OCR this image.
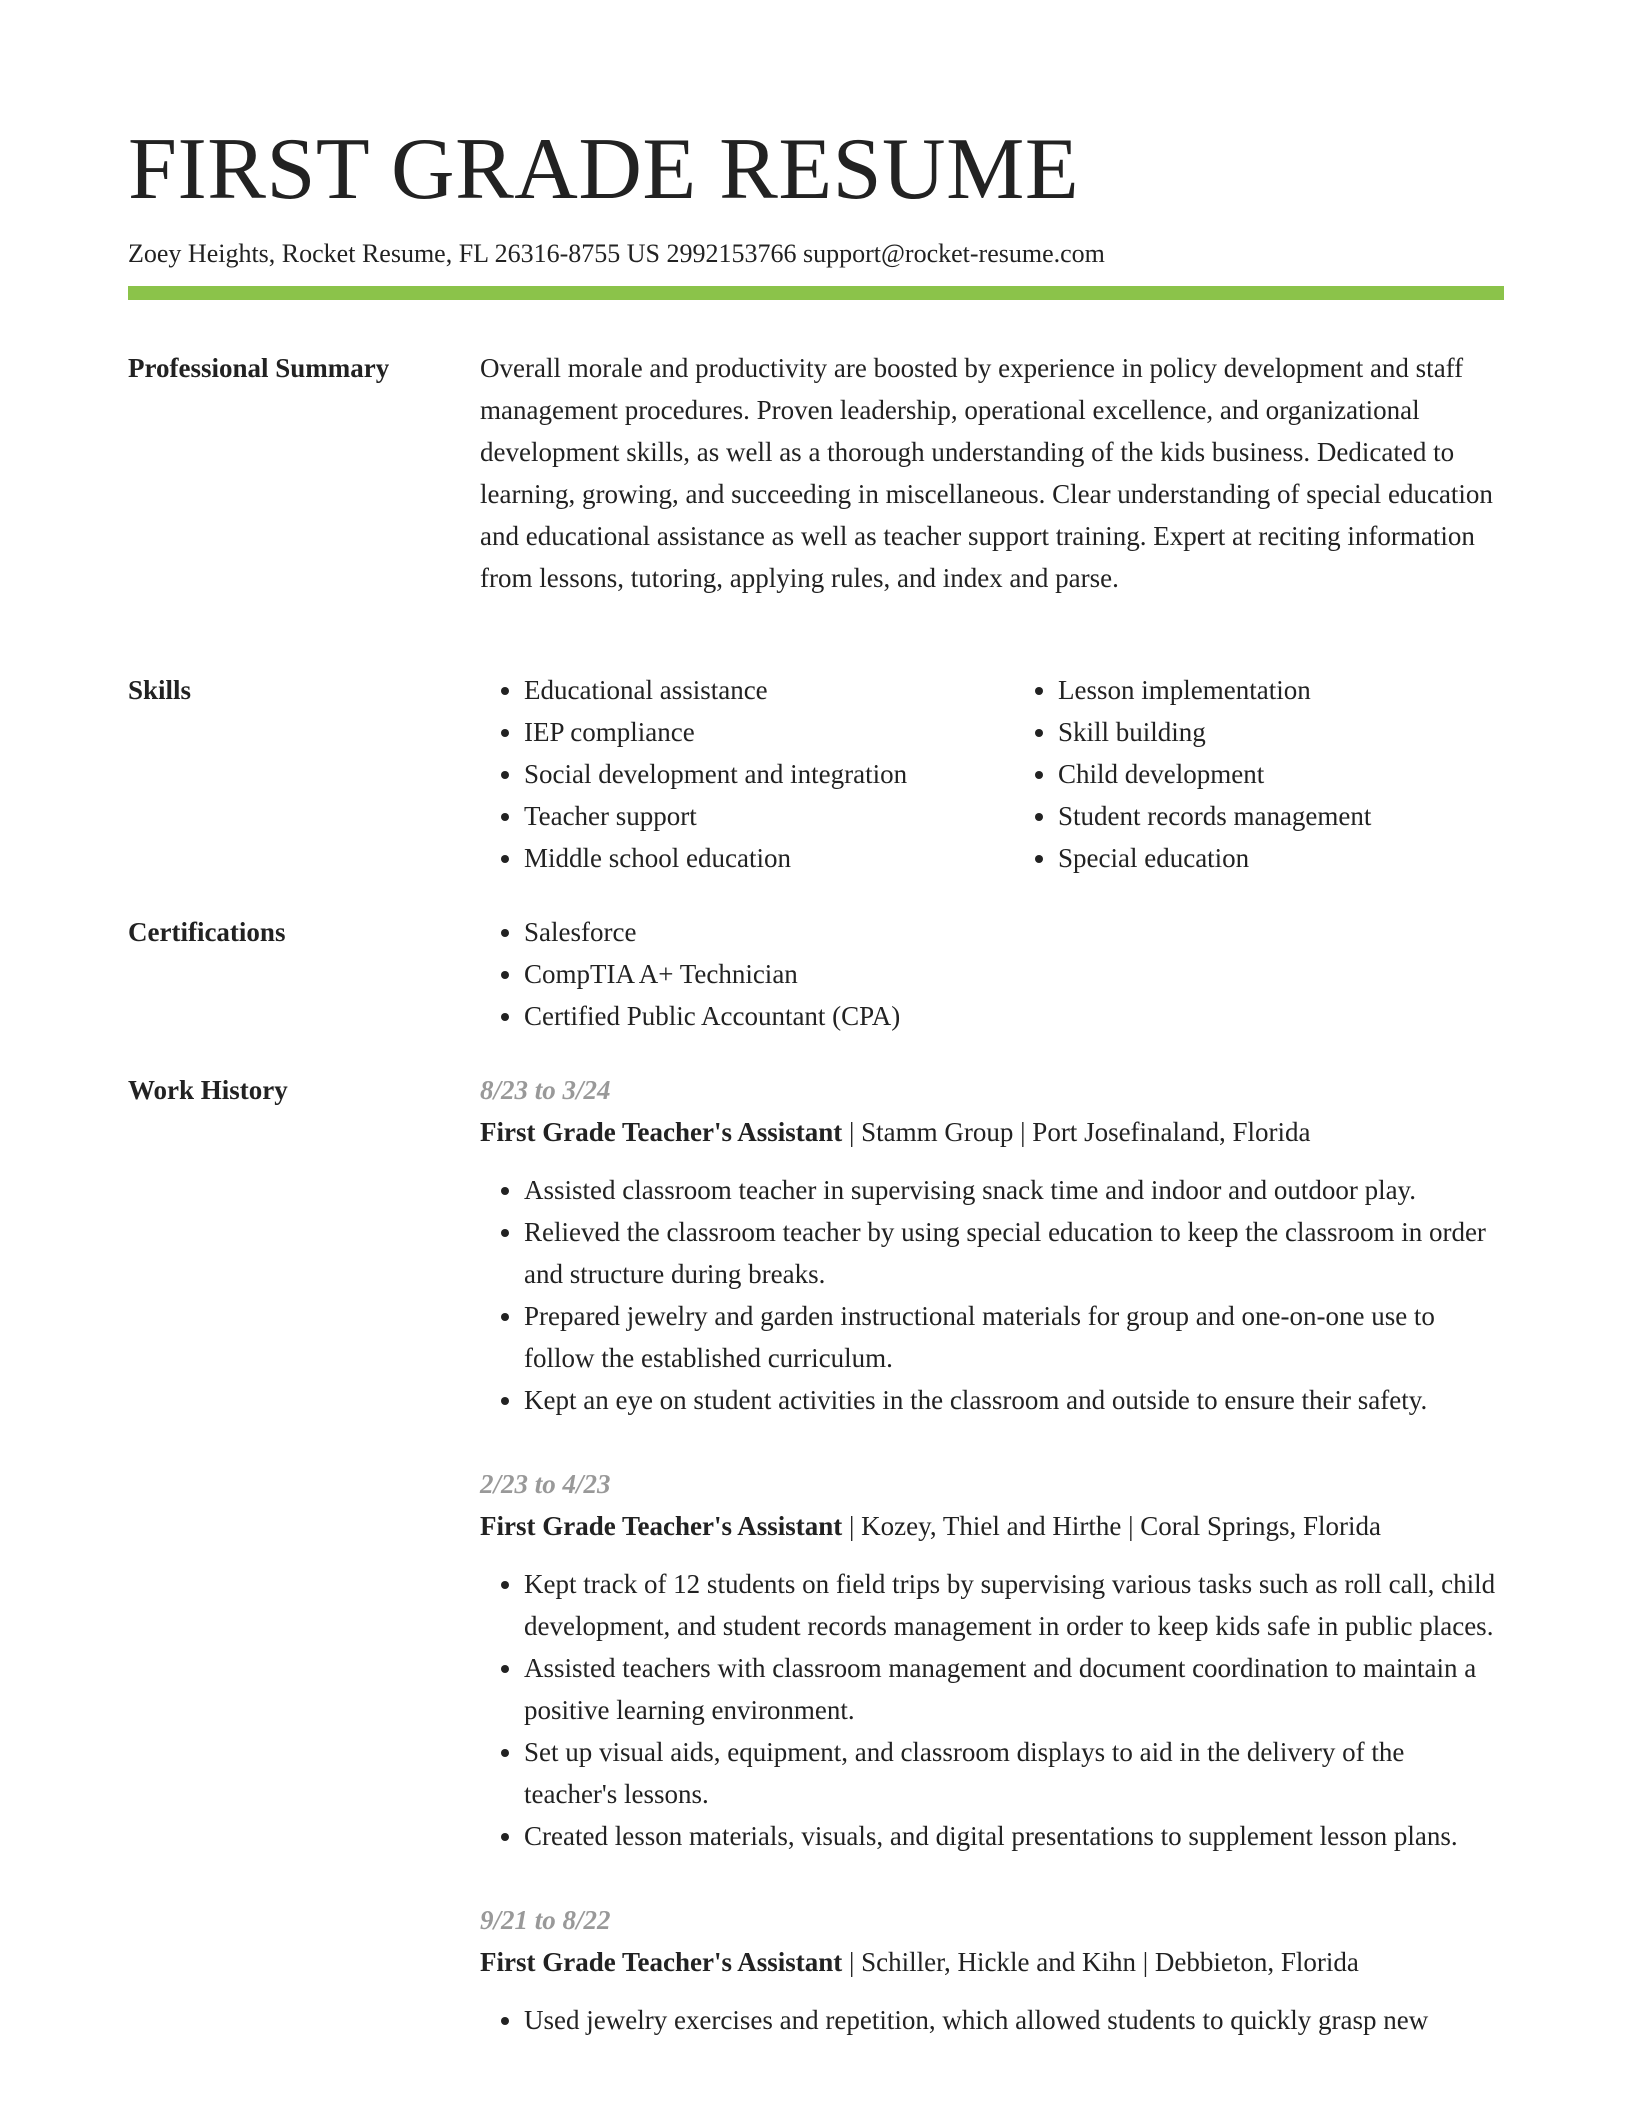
FIRST GRADE RESUME
Zoey Heights, Rocket Resume, FL 26316-8755 US 2992153766 support@rocket-resume.com
Professional Summary	Overall morale and productivity are boosted by experience in policy development and staff management procedures. Proven leadership, operational excellence, and organizational development skills, as well as a thorough understanding of the kids business. Dedicated to learning, growing, and succeeding in miscellaneous. Clear understanding of special education and educational assistance as well as teacher support training. Expert at reciting information from lessons, tutoring, applying rules, and index and parse.

Skills	• Educational assistance
• IEP compliance
• Social development and integration
• Teacher support
• Middle school education
• Lesson implementation
• Skill building
• Child development
• Student records management
• Special education
Certifications	• Salesforce
• CompTIA A+ Technician
• Certified Public Accountant (CPA)
Work History	8/23 to 3/24
First Grade Teacher's Assistant | Stamm Group | Port Josefinaland, Florida
• Assisted classroom teacher in supervising snack time and indoor and outdoor play.
• Relieved the classroom teacher by using special education to keep the classroom in order and structure during breaks.
• Prepared jewelry and garden instructional materials for group and one-on-one use to follow the established curriculum.
• Kept an eye on student activities in the classroom and outside to ensure their safety.
2/23 to 4/23
First Grade Teacher's Assistant | Kozey, Thiel and Hirthe | Coral Springs, Florida
• Kept track of 12 students on field trips by supervising various tasks such as roll call, child development, and student records management in order to keep kids safe in public places.
• Assisted teachers with classroom management and document coordination to maintain a positive learning environment.
• Set up visual aids, equipment, and classroom displays to aid in the delivery of the teacher's lessons.
• Created lesson materials, visuals, and digital presentations to supplement lesson plans.
9/21 to 8/22
First Grade Teacher's Assistant | Schiller, Hickle and Kihn | Debbieton, Florida
• Used jewelry exercises and repetition, which allowed students to quickly grasp new
